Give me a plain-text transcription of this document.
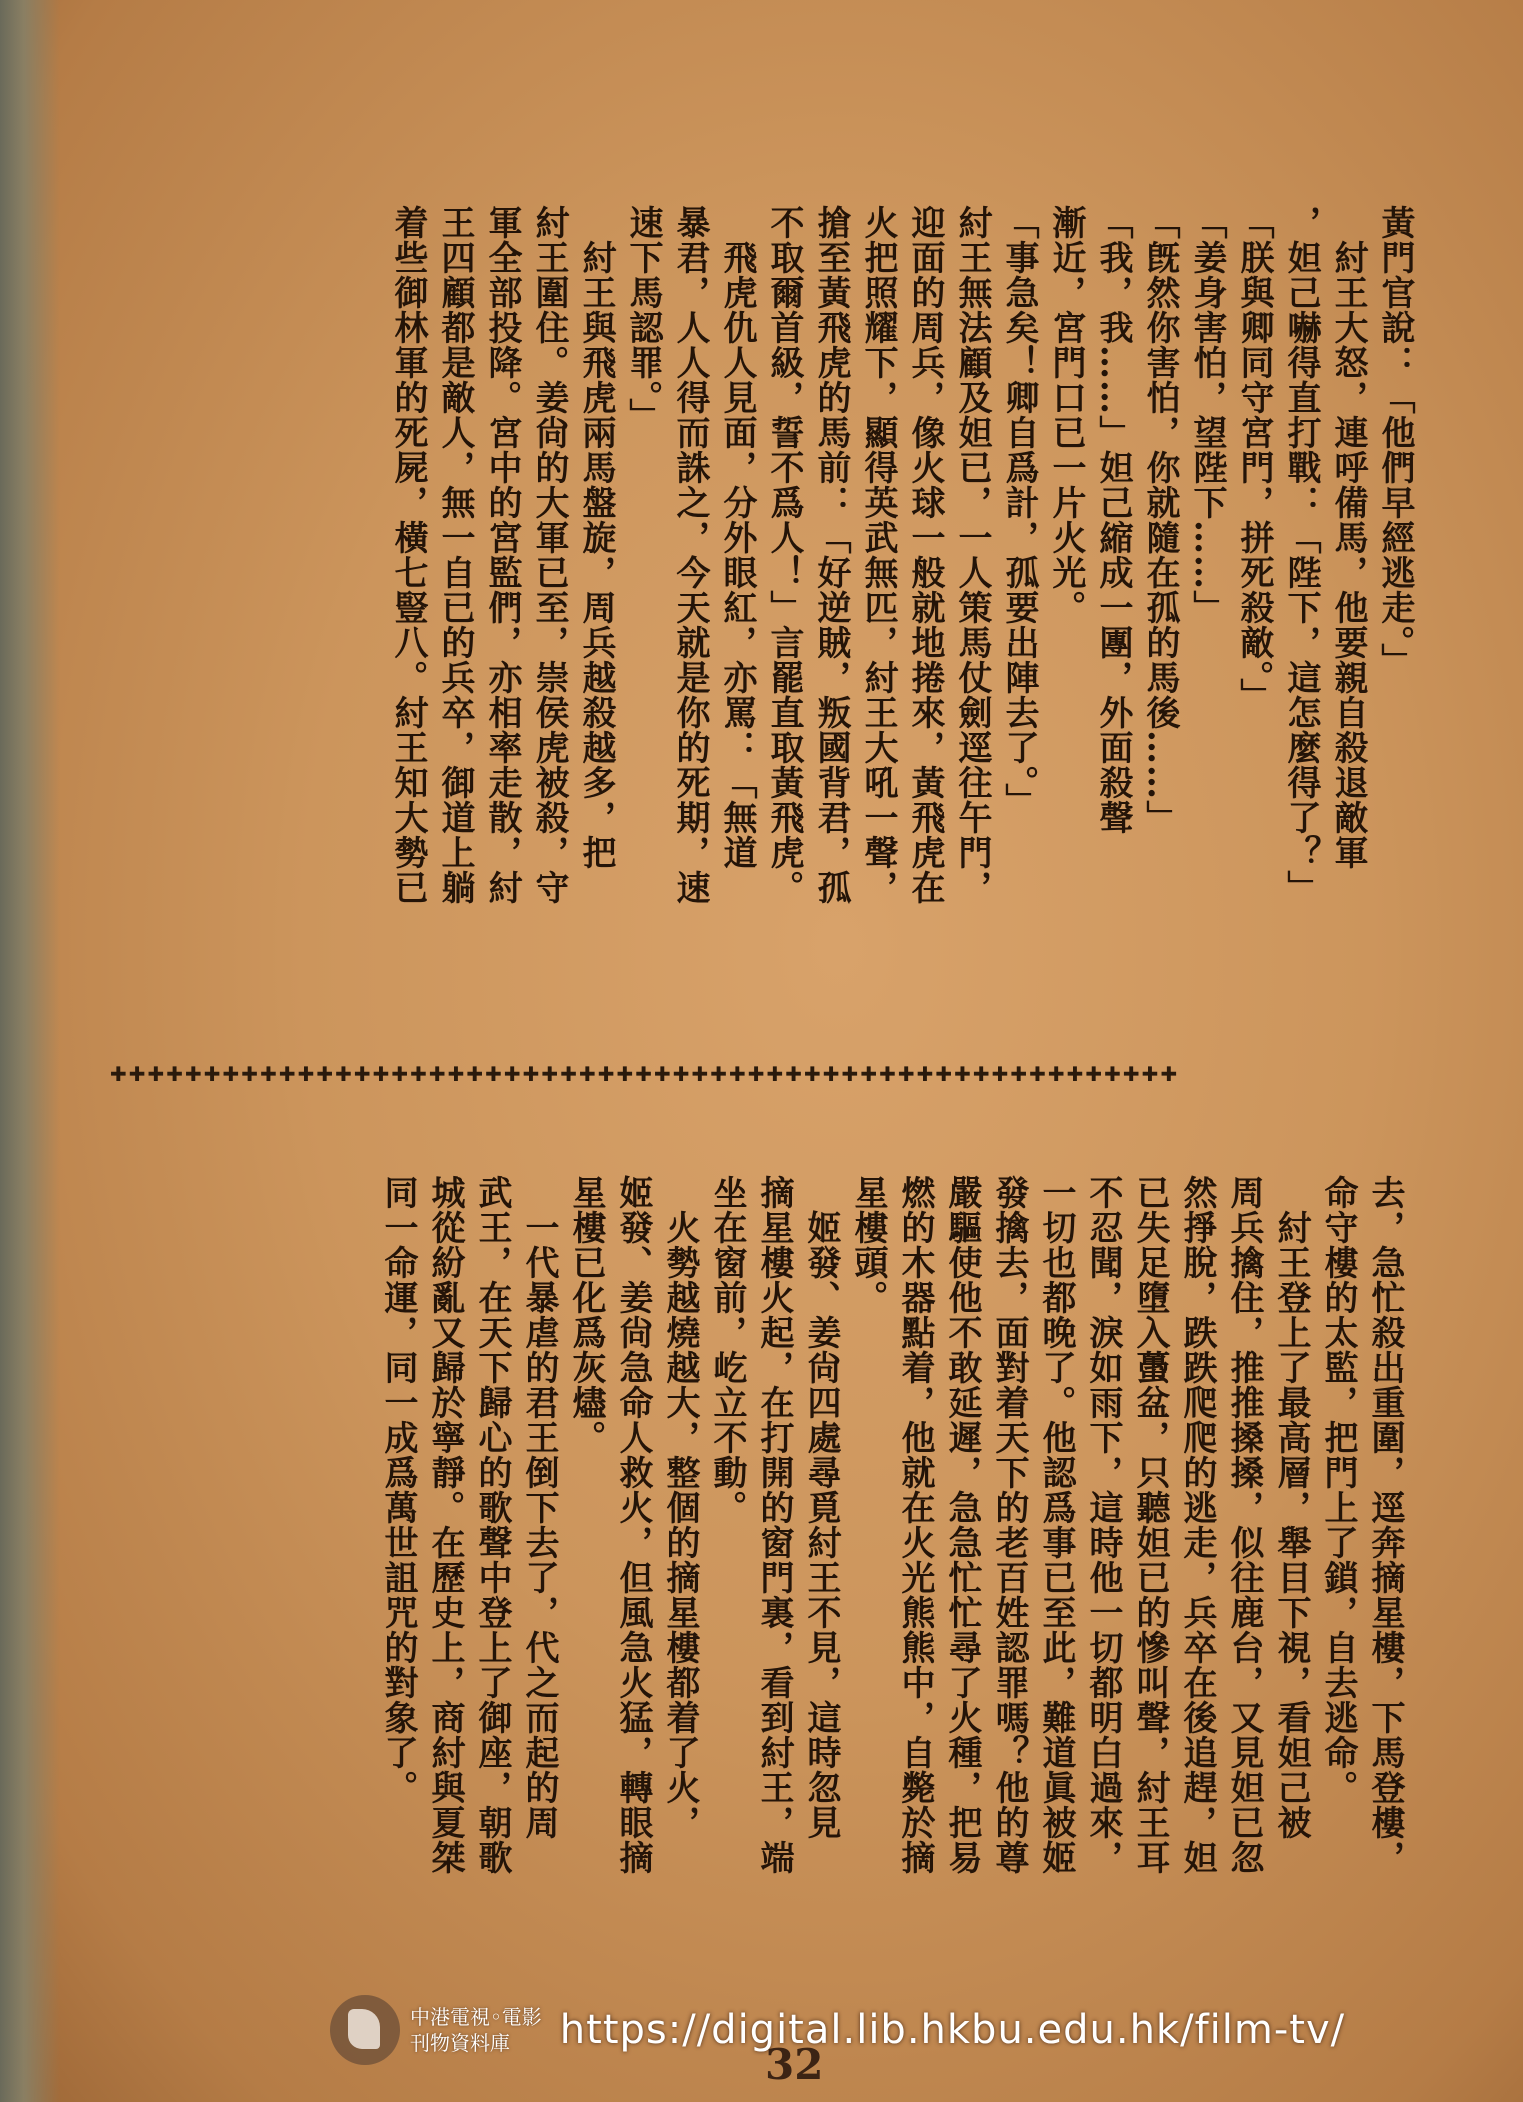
黃門官說：「他們早經逃走。」

　紂王大怒，連呼備馬，他要親自殺退敵軍

，妲己嚇得直打戰：「陛下，這怎麼得了？」

「朕與卿同守宮門，拼死殺敵。」

「姜身害怕，望陛下……」

「旣然你害怕，你就隨在孤的馬後……」

「我，我……」妲己縮成一團，外面殺聲

漸近，宮門口已一片火光。

「事急矣！卿自爲計，孤要出陣去了。」

紂王無法顧及妲已，一人策馬仗劍逕往午門，

迎面的周兵，像火球一般就地捲來，黃飛虎在

火把照耀下，顯得英武無匹，紂王大吼一聲，

搶至黃飛虎的馬前：「好逆賊，叛國背君，孤

不取爾首級，誓不爲人！」言罷直取黃飛虎。

　飛虎仇人見面，分外眼紅，亦罵：「無道

暴君，人人得而誅之，今天就是你的死期，速

速下馬認罪。」

　紂王與飛虎兩馬盤旋，周兵越殺越多，把

紂王圍住。姜尙的大軍已至，崇侯虎被殺，守

軍全部投降。宮中的宮監們，亦相率走散，紂

王四顧都是敵人，無一自已的兵卒，御道上躺

着些御林軍的死屍，橫七豎八。紂王知大勢已

✚✚✚✚✚✚✚✚✚✚✚✚✚✚✚✚✚✚✚✚✚✚✚✚✚✚✚✚✚✚✚✚✚✚✚✚✚✚✚✚✚✚✚✚✚✚✚✚✚✚✚✚✚✚✚✚✚

去，急忙殺出重圍，逕奔摘星樓，下馬登樓，

命守樓的太監，把門上了鎖，自去逃命。

　紂王登上了最高層，舉目下視，看妲己被

周兵擒住，推推搡搡，似往鹿台，又見妲已忽

然掙脫，跌跌爬爬的逃走，兵卒在後追趕，妲

已失足墮入蠆盆，只聽妲已的慘叫聲，紂王耳

不忍聞，淚如雨下，這時他一切都明白過來，

一切也都晚了。他認爲事已至此，難道眞被姬

發擒去，面對着天下的老百姓認罪嗎？他的尊

嚴驅使他不敢延遲，急急忙忙尋了火種，把易

燃的木器點着，他就在火光熊熊中，自斃於摘

星樓頭。

　姬發、姜尙四處尋覓紂王不見，這時忽見

摘星樓火起，在打開的窗門裏，看到紂王，端

坐在窗前，屹立不動。

　火勢越燒越大，整個的摘星樓都着了火，

姬發、姜尙急命人救火，但風急火猛，轉眼摘

星樓已化爲灰燼。

　一代暴虐的君王倒下去了，代之而起的周

武王，在天下歸心的歌聲中登上了御座，朝歌

城從紛亂又歸於寧靜。在歷史上，商紂與夏桀

同一命運，同一成爲萬世詛咒的對象了。

中港電視◦電影
刊物資料庫	https://digital.lib.hkbu.edu.hk/film-tv/
32
